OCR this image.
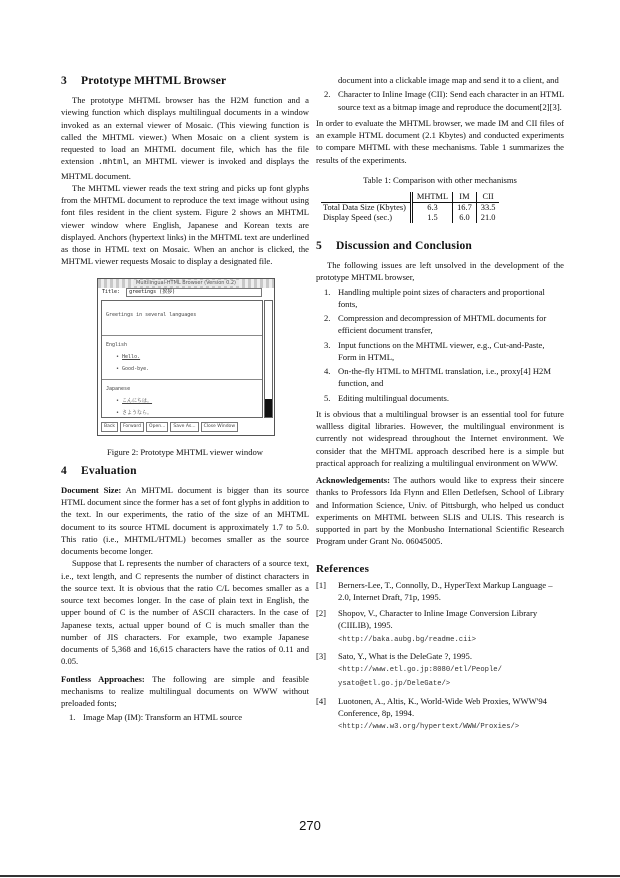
3 Prototype MHTML Browser

The prototype MHTML browser has the H2M function and a viewing function which displays multilingual documents in a window invoked as an external viewer of Mosaic. (This viewing function is called the MHTML viewer.) When Mosaic on a client system is requested to load an MHTML document file, which has the file extension .mhtml, an MHTML viewer is invoked and displays the MHTML document.

The MHTML viewer reads the text string and picks up font glyphs from the MHTML document to reproduce the text image without using font files resident in the client system. Figure 2 shows an MHTML viewer window where English, Japanese and Korean texts are displayed. Anchors (hypertext links) in the MHTML text are underlined as those in HTML text on Mosaic. When an anchor is clicked, the MHTML viewer requests Mosaic to display a designated file.

Multilingual-HTML Browser (Version 0.2)
Title:	greetings (挨拶)
Greetings in several languages
English
• Hello.
• Good-bye.
Japanese
• こんにちは。
• さようなら。
Back	Forward	Open...	Save As...	Close Window

Figure 2: Prototype MHTML viewer window

4 Evaluation

Document Size: An MHTML document is bigger than its source HTML document since the former has a set of font glyphs in addition to the text. In our experiments, the ratio of the size of an MHTML document to its source HTML document is approximately 1.7 to 5.0. This ratio (i.e., MHTML/HTML) becomes smaller as the source documents become longer.

Suppose that L represents the number of characters of a source text, i.e., text length, and C represents the number of distinct characters in the source text. It is obvious that the ratio C/L becomes smaller as a source text becomes longer. In the case of plain text in English, the upper bound of C is the number of ASCII characters. In the case of Japanese texts, actual upper bound of C is much smaller than the number of JIS characters. For example, two example Japanese documents of 5,368 and 16,615 characters have the ratios of 0.11 and 0.05.

Fontless Approaches: The following are simple and feasible mechanisms to realize multilingual documents on WWW without preloaded fonts;

1. Image Map (IM): Transform an HTML source
document into a clickable image map and send it to a client, and
2. Character to Inline Image (CII): Send each character in an HTML source text as a bitmap image and reproduce the document[2][3].

In order to evaluate the MHTML browser, we made IM and CII files of an example HTML document (2.1 Kbytes) and conducted experiments to compare MHTML with these mechanisms. Table 1 summarizes the results of the experiments.

Table 1: Comparison with other mechanisms

	MHTML	IM	CII
Total Data Size (Kbytes)	6.3	16.7	33.5
Display Speed (sec.)	1.5	6.0	21.0
5 Discussion and Conclusion

The following issues are left unsolved in the development of the prototype MHTML browser,

1. Handling multiple point sizes of characters and proportional fonts,
2. Compression and decompression of MHTML documents for efficient document transfer,
3. Input functions on the MHTML viewer, e.g., Cut-and-Paste, Form in HTML,
4. On-the-fly HTML to MHTML translation, i.e., proxy[4] H2M function, and
5. Editing multilingual documents.

It is obvious that a multilingual browser is an essential tool for future wallless digital libraries. However, the multilingual environment is currently not widespread throughout the Internet environment. We consider that the MHTML approach described here is a simple but practical approach for realizing a multilingual environment on WWW.

Acknowledgements: The authors would like to express their sincere thanks to Professors Ida Flynn and Ellen Detlefsen, School of Library and Information Science, Univ. of Pittsburgh, who helped us conduct experiments on MHTML between SLIS and ULIS. This research is supported in part by the Monbusho International Scientific Research Program under Grant No. 06045005.

References
[1] Berners-Lee, T., Connolly, D., HyperText Markup Language – 2.0, Internet Draft, 71p, 1995.
[2] Shopov, V., Character to Inline Image Conversion Library (CIILIB), 1995.
<http://baka.aubg.bg/readme.cii>
[3] Sato, Y., What is the DeleGate ?, 1995.
<http://www.etl.go.jp:8080/etl/People/ ysato@etl.go.jp/DeleGate/>
[4] Luotonen, A., Altis, K., World-Wide Web Proxies, WWW'94 Conference, 8p, 1994.
<http://www.w3.org/hypertext/WWW/Proxies/>
270
